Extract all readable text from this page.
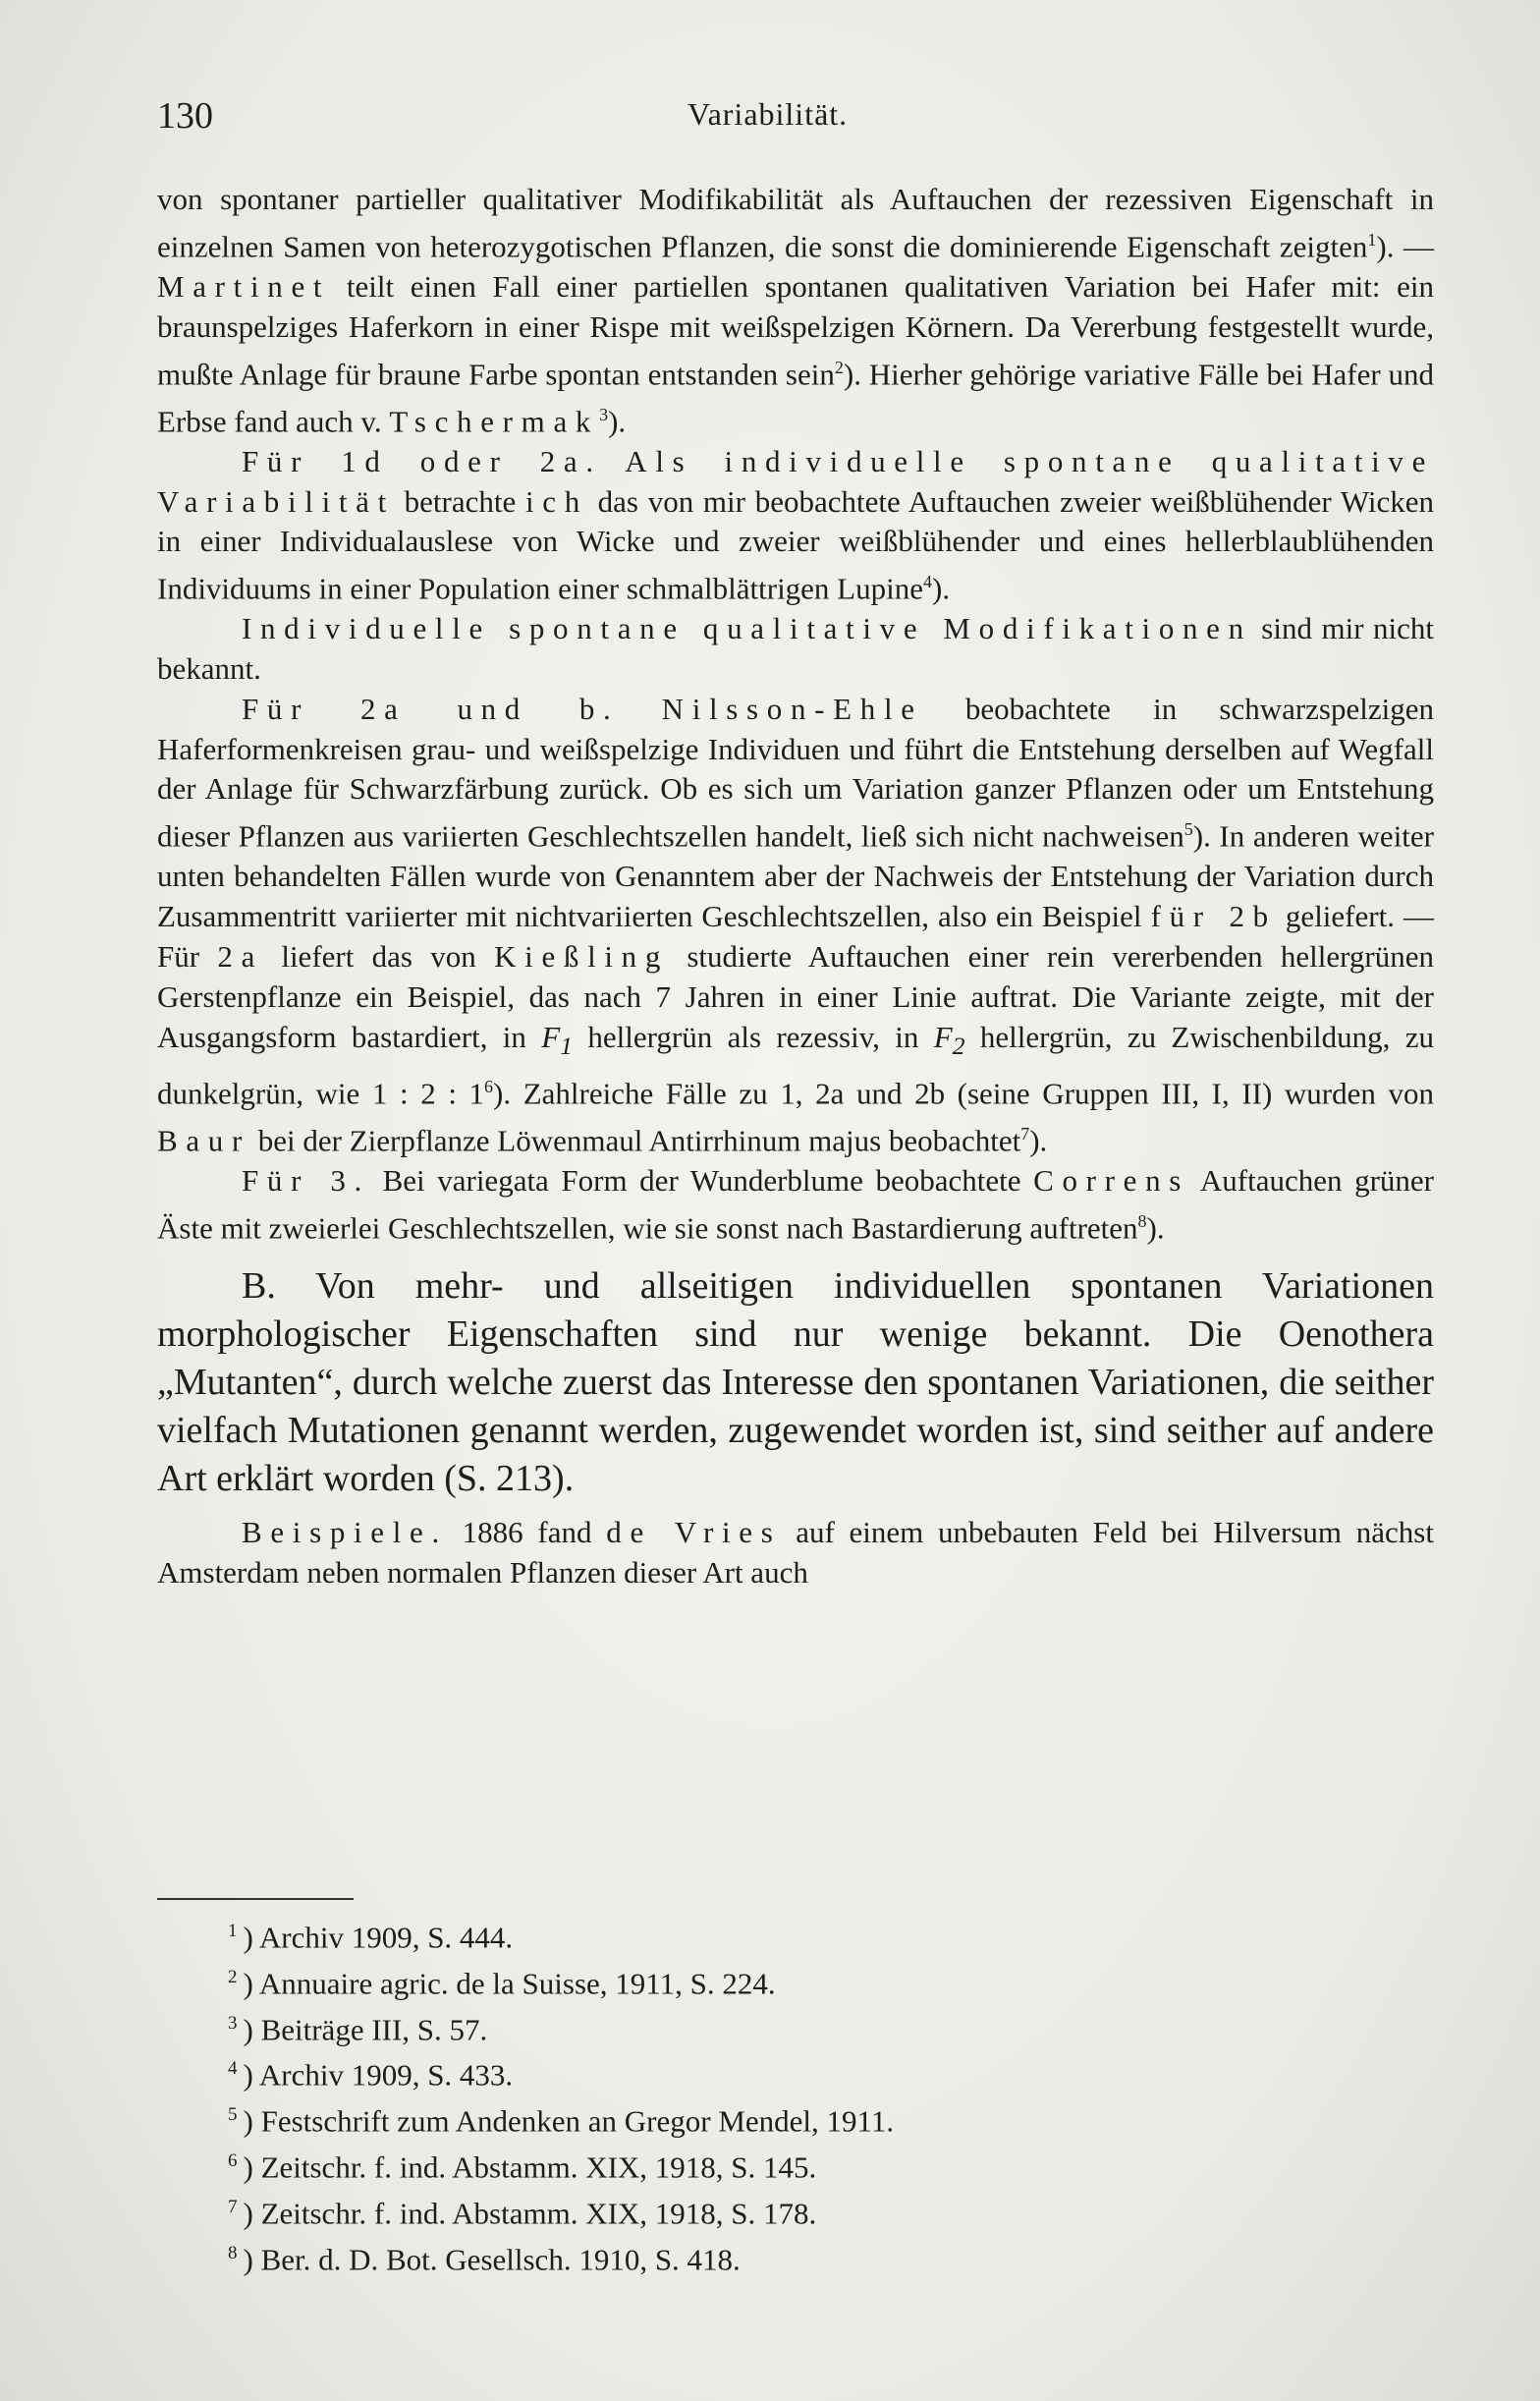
130	Variabilität.

von spontaner partieller qualitativer Modifikabilität als Auftauchen der rezessiven Eigenschaft in einzelnen Samen von heterozygotischen Pflanzen, die sonst die dominierende Eigenschaft zeigten$^1$). — Martinet teilt einen Fall einer partiellen spontanen qualitativen Variation bei Hafer mit: ein braunspelziges Haferkorn in einer Rispe mit weißspelzigen Körnern. Da Vererbung festgestellt wurde, mußte Anlage für braune Farbe spontan entstanden sein$^2$). Hierher gehörige variative Fälle bei Hafer und Erbse fand auch v. Tschermak$^3$).

Für 1d oder 2a. Als individuelle spontane qualitative Variabilität betrachte ich das von mir beobachtete Auftauchen zweier weißblühender Wicken in einer Individualauslese von Wicke und zweier weißblühender und eines hellerblaublühenden Individuums in einer Population einer schmalblättrigen Lupine$^4$).

Individuelle spontane qualitative Modifikationen sind mir nicht bekannt.

Für 2a und b. Nilsson-Ehle beobachtete in schwarzspelzigen Haferformenkreisen grau- und weißspelzige Individuen und führt die Entstehung derselben auf Wegfall der Anlage für Schwarzfärbung zurück. Ob es sich um Variation ganzer Pflanzen oder um Entstehung dieser Pflanzen aus variierten Geschlechtszellen handelt, ließ sich nicht nachweisen$^5$). In anderen weiter unten behandelten Fällen wurde von Genanntem aber der Nachweis der Entstehung der Variation durch Zusammentritt variierter mit nichtvariierten Geschlechtszellen, also ein Beispiel für 2b geliefert. — Für 2a liefert das von Kießling studierte Auftauchen einer rein vererbenden hellergrünen Gerstenpflanze ein Beispiel, das nach 7 Jahren in einer Linie auftrat. Die Variante zeigte, mit der Ausgangsform bastardiert, in $F_1$ hellergrün als rezessiv, in $F_2$ hellergrün, zu Zwischenbildung, zu dunkelgrün, wie 1 : 2 : 1$^6$). Zahlreiche Fälle zu 1, 2a und 2b (seine Gruppen III, I, II) wurden von Baur bei der Zierpflanze Löwenmaul Antirrhinum majus beobachtet$^7$).

Für 3. Bei variegata Form der Wunderblume beobachtete Correns Auftauchen grüner Äste mit zweierlei Geschlechtszellen, wie sie sonst nach Bastardierung auftreten$^8$).

B. Von mehr- und allseitigen individuellen spontanen Variationen morphologischer Eigenschaften sind nur wenige bekannt. Die Oenothera „Mutanten“, durch welche zuerst das Interesse den spontanen Variationen, die seither vielfach Mutationen genannt werden, zugewendet worden ist, sind seither auf andere Art erklärt worden (S. 213).

Beispiele. 1886 fand de Vries auf einem unbebauten Feld bei Hilversum nächst Amsterdam neben normalen Pflanzen dieser Art auch

$^1$ ) Archiv 1909, S. 444.
$^2$ ) Annuaire agric. de la Suisse, 1911, S. 224.
$^3$ ) Beiträge III, S. 57.
$^4$ ) Archiv 1909, S. 433.
$^5$ ) Festschrift zum Andenken an Gregor Mendel, 1911.
$^6$ ) Zeitschr. f. ind. Abstamm. XIX, 1918, S. 145.
$^7$ ) Zeitschr. f. ind. Abstamm. XIX, 1918, S. 178.
$^8$ ) Ber. d. D. Bot. Gesellsch. 1910, S. 418.
